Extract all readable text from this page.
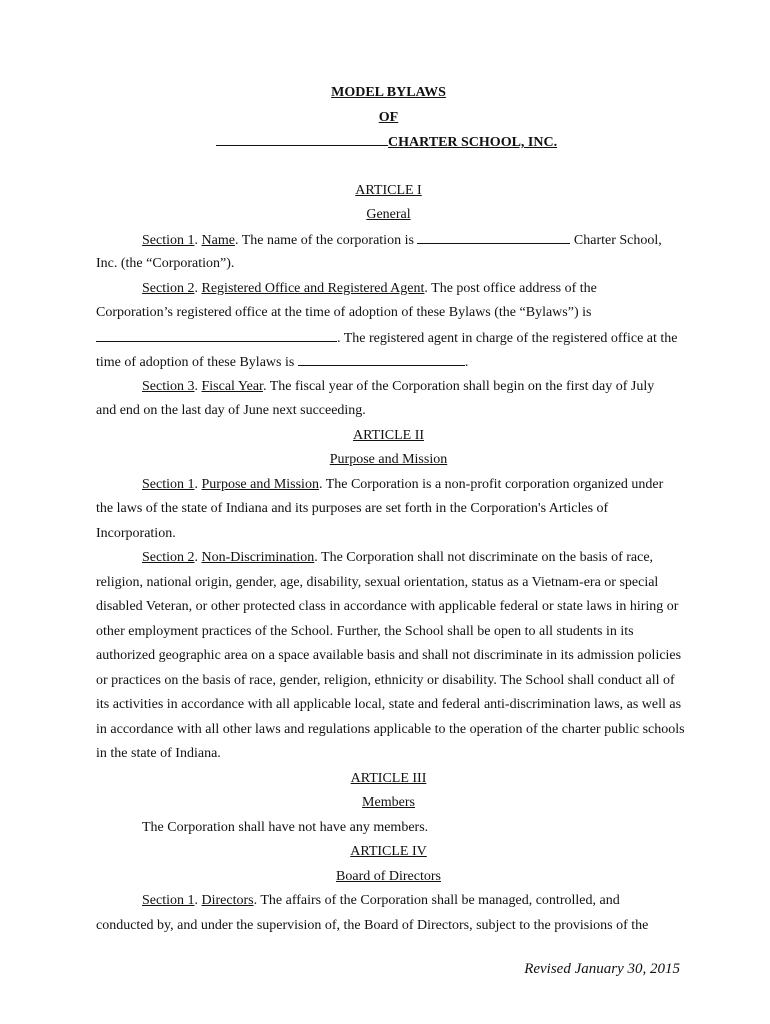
MODEL BYLAWS
OF
CHARTER SCHOOL, INC.
ARTICLE I
General
Section 1. Name. The name of the corporation is	Charter School,
Inc. (the “Corporation”).
Section 2. Registered Office and Registered Agent. The post office address of the
Corporation’s registered office at the time of adoption of these Bylaws (the “Bylaws”) is
. The registered agent in charge of the registered office at the
time of adoption of these Bylaws is	.
Section 3. Fiscal Year. The fiscal year of the Corporation shall begin on the first day of July
and end on the last day of June next succeeding.
ARTICLE II
Purpose and Mission
Section 1. Purpose and Mission. The Corporation is a non-profit corporation organized under
the laws of the state of Indiana and its purposes are set forth in the Corporation's Articles of
Incorporation.
Section 2. Non-Discrimination. The Corporation shall not discriminate on the basis of race,
religion, national origin, gender, age, disability, sexual orientation, status as a Vietnam-era or special
disabled Veteran, or other protected class in accordance with applicable federal or state laws in hiring or
other employment practices of the School. Further, the School shall be open to all students in its
authorized geographic area on a space available basis and shall not discriminate in its admission policies
or practices on the basis of race, gender, religion, ethnicity or disability. The School shall conduct all of
its activities in accordance with all applicable local, state and federal anti-discrimination laws, as well as
in accordance with all other laws and regulations applicable to the operation of the charter public schools
in the state of Indiana.
ARTICLE III
Members
The Corporation shall have not have any members.
ARTICLE IV
Board of Directors
Section 1. Directors. The affairs of the Corporation shall be managed, controlled, and
conducted by, and under the supervision of, the Board of Directors, subject to the provisions of the
Revised January 30, 2015
